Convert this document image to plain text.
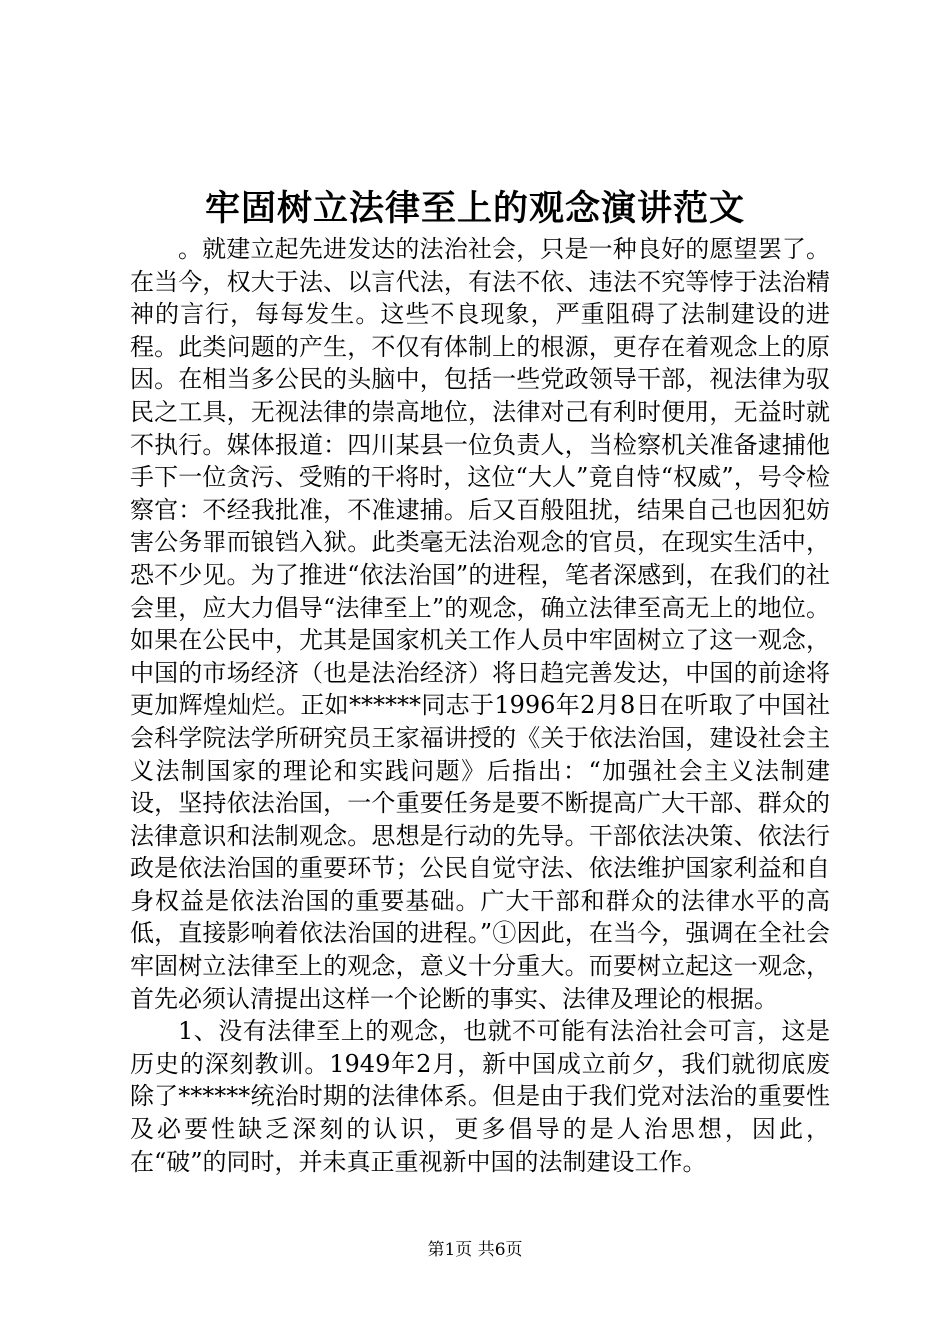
牢固树立法律至上的观念演讲范文

。就建立起先进发达的法治社会，只是一种良好的愿望罢了。在当今，权大于法、以言代法，有法不依、违法不究等悖于法治精神的言行，每每发生。这些不良现象，严重阻碍了法制建设的进程。此类问题的产生，不仅有体制上的根源，更存在着观念上的原因。在相当多公民的头脑中，包括一些党政领导干部，视法律为驭民之工具，无视法律的崇高地位，法律对己有利时便用，无益时就不执行。媒体报道：四川某县一位负责人，当检察机关准备逮捕他手下一位贪污、受贿的干将时，这位“大人”竟自恃“权威”，号令检察官：不经我批准，不准逮捕。后又百般阻扰，结果自己也因犯妨害公务罪而锒铛入狱。此类毫无法治观念的官员，在现实生活中，恐不少见。为了推进“依法治国”的进程，笔者深感到，在我们的社会里，应大力倡导“法律至上”的观念，确立法律至高无上的地位。如果在公民中，尤其是国家机关工作人员中牢固树立了这一观念，中国的市场经济（也是法治经济）将日趋完善发达，中国的前途将更加辉煌灿烂。正如******同志于1996年2月8日在听取了中国社会科学院法学所研究员王家福讲授的《关于依法治国，建设社会主义法制国家的理论和实践问题》后指出：“加强社会主义法制建设，坚持依法治国，一个重要任务是要不断提高广大干部、群众的法律意识和法制观念。思想是行动的先导。干部依法决策、依法行政是依法治国的重要环节；公民自觉守法、依法维护国家利益和自身权益是依法治国的重要基础。广大干部和群众的法律水平的高低，直接影响着依法治国的进程。”①因此，在当今，强调在全社会牢固树立法律至上的观念，意义十分重大。而要树立起这一观念，首先必须认清提出这样一个论断的事实、法律及理论的根据。

1、没有法律至上的观念，也就不可能有法治社会可言，这是历史的深刻教训。1949年2月，新中国成立前夕，我们就彻底废除了******统治时期的法律体系。但是由于我们党对法治的重要性及必要性缺乏深刻的认识，更多倡导的是人治思想，因此，在“破”的同时，并未真正重视新中国的法制建设工作。

第1页 共6页
